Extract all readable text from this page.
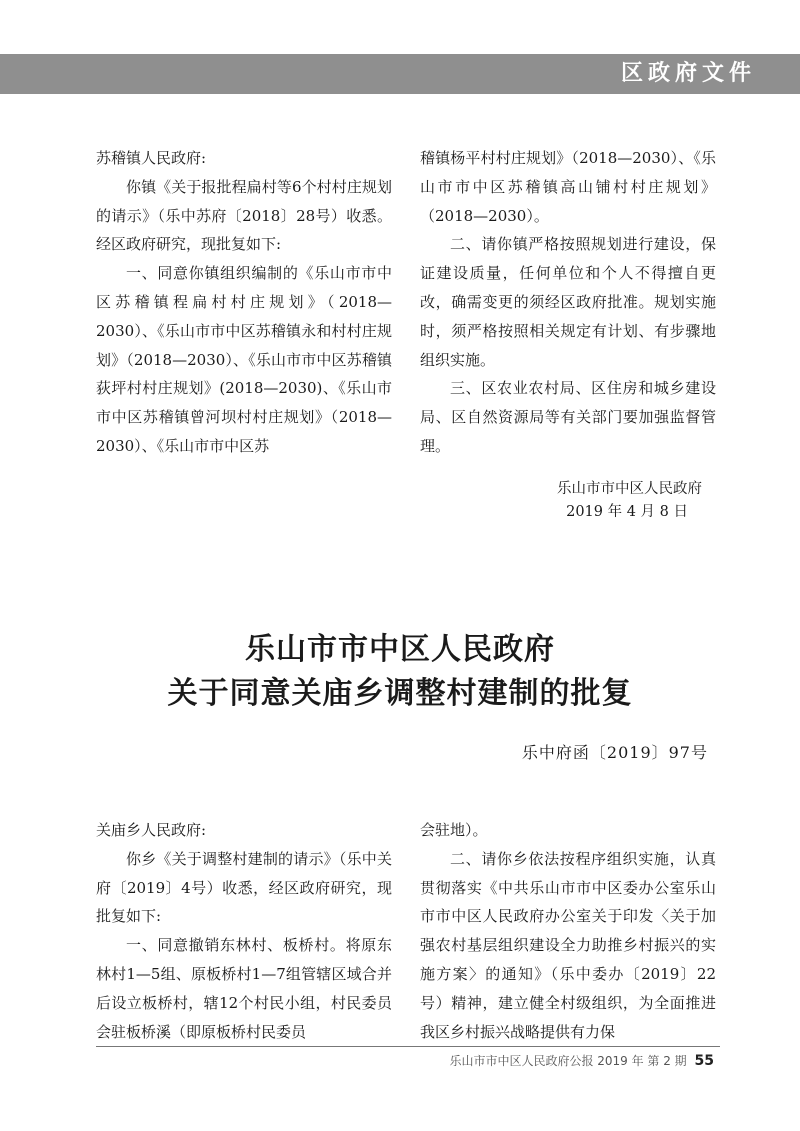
区政府文件

苏稽镇人民政府:

你镇《关于报批程扁村等6个村村庄规划的请示》（乐中苏府〔2018〕28号）收悉。经区政府研究，现批复如下:

一、同意你镇组织编制的《乐山市市中区苏稽镇程扁村村庄规划》（2018—2030）、《乐山市市中区苏稽镇永和村村庄规划》（2018—2030）、《乐山市市中区苏稽镇荻坪村村庄规划》(2018—2030)、《乐山市市中区苏稽镇曾河坝村村庄规划》（2018—2030）、《乐山市市中区苏

稽镇杨平村村庄规划》（2018—2030）、《乐山市市中区苏稽镇高山铺村村庄规划》（2018—2030）。

二、请你镇严格按照规划进行建设，保证建设质量，任何单位和个人不得擅自更改，确需变更的须经区政府批准。规划实施时，须严格按照相关规定有计划、有步骤地组织实施。

三、区农业农村局、区住房和城乡建设局、区自然资源局等有关部门要加强监督管理。

乐山市市中区人民政府
2019 年 4 月 8 日
乐山市市中区人民政府
关于同意关庙乡调整村建制的批复
乐中府函〔2019〕97号

关庙乡人民政府:

你乡《关于调整村建制的请示》（乐中关府〔2019〕4号）收悉，经区政府研究，现批复如下:

一、同意撤销东林村、板桥村。将原东林村1—5组、原板桥村1—7组管辖区域合并后设立板桥村，辖12个村民小组，村民委员会驻板桥溪（即原板桥村民委员

会驻地）。

二、请你乡依法按程序组织实施，认真贯彻落实《中共乐山市市中区委办公室乐山市市中区人民政府办公室关于印发〈关于加强农村基层组织建设全力助推乡村振兴的实施方案〉的通知》（乐中委办〔2019〕22号）精神，建立健全村级组织，为全面推进我区乡村振兴战略提供有力保

乐山市市中区人民政府公报 2019 年 第 2 期 55
